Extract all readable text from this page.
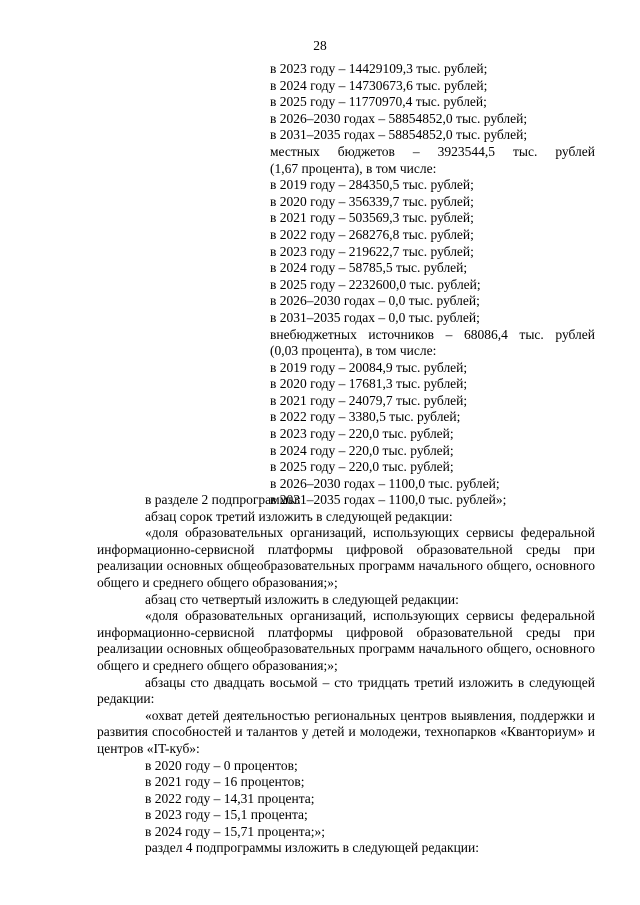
28
в 2023 году – 14429109,3 тыс. рублей;
в 2024 году – 14730673,6 тыс. рублей;
в 2025 году – 11770970,4 тыс. рублей;
в 2026–2030 годах – 58854852,0 тыс. рублей;
в 2031–2035 годах – 58854852,0 тыс. рублей;
местных бюджетов – 3923544,5 тыс. рублей
(1,67 процента), в том числе:
в 2019 году – 284350,5 тыс. рублей;
в 2020 году – 356339,7 тыс. рублей;
в 2021 году – 503569,3 тыс. рублей;
в 2022 году – 268276,8 тыс. рублей;
в 2023 году – 219622,7 тыс. рублей;
в 2024 году – 58785,5 тыс. рублей;
в 2025 году – 2232600,0 тыс. рублей;
в 2026–2030 годах – 0,0 тыс. рублей;
в 2031–2035 годах – 0,0 тыс. рублей;
внебюджетных источников – 68086,4 тыс. рублей
(0,03 процента), в том числе:
в 2019 году – 20084,9 тыс. рублей;
в 2020 году – 17681,3 тыс. рублей;
в 2021 году – 24079,7 тыс. рублей;
в 2022 году – 3380,5 тыс. рублей;
в 2023 году – 220,0 тыс. рублей;
в 2024 году – 220,0 тыс. рублей;
в 2025 году – 220,0 тыс. рублей;
в 2026–2030 годах – 1100,0 тыс. рублей;
в 2031–2035 годах – 1100,0 тыс. рублей»;
в разделе 2 подпрограммы:
абзац сорок третий изложить в следующей редакции:
«доля образовательных организаций, использующих сервисы федеральной информационно-сервисной платформы цифровой образовательной среды при реализации основных общеобразовательных программ начального общего, основного общего и среднего общего образования;»;
абзац сто четвертый изложить в следующей редакции:
«доля образовательных организаций, использующих сервисы федеральной информационно-сервисной платформы цифровой образовательной среды при реализации основных общеобразовательных программ начального общего, основного общего и среднего общего образования;»;
абзацы сто двадцать восьмой – сто тридцать третий изложить в следующей редакции:
«охват детей деятельностью региональных центров выявления, поддержки и развития способностей и талантов у детей и молодежи, технопарков «Кванториум» и центров «IT-куб»:
в 2020 году – 0 процентов;
в 2021 году – 16 процентов;
в 2022 году – 14,31 процента;
в 2023 году – 15,1 процента;
в 2024 году – 15,71 процента;»;
раздел 4 подпрограммы изложить в следующей редакции:
